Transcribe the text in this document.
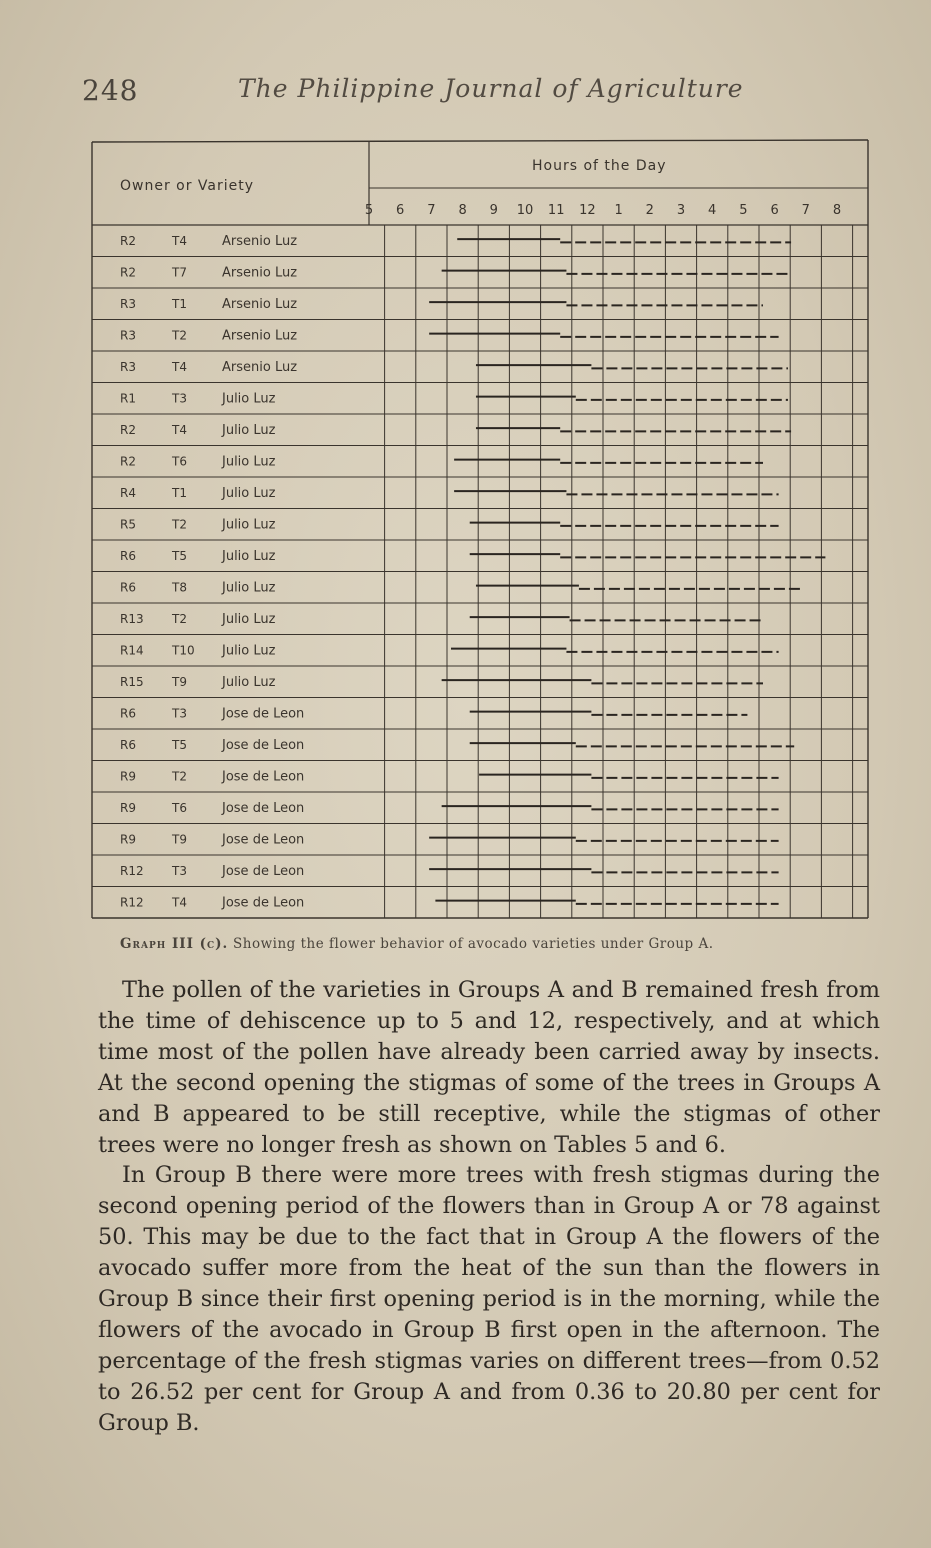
248	The Philippine Journal of Agriculture
Owner or Variety
Hours of the Day
5 6 7 8 9 10 11 12 1 2 3 4 5 6 7 8
R2	T4	Arsenio Luz
R2	T7	Arsenio Luz
R3	T1	Arsenio Luz
R3	T2	Arsenio Luz
R3	T4	Arsenio Luz
R1	T3	Julio Luz
R2	T4	Julio Luz
R2	T6	Julio Luz
R4	T1	Julio Luz
R5	T2	Julio Luz
R6	T5	Julio Luz
R6	T8	Julio Luz
R13 T2	Julio Luz
R14 T10 Julio Luz
R15 T9	Julio Luz
R6	T3	Jose de Leon
R6	T5	Jose de Leon
R9	T2	Jose de Leon
R9	T6	Jose de Leon
R9	T9	Jose de Leon
R12 T3	Jose de Leon
R12 T4	Jose de Leon
Graph III (c). Showing the flower behavior of avocado varieties under Group A.

The pollen of the varieties in Groups A and B remained fresh from the time of dehiscence up to 5 and 12, respectively, and at which time most of the pollen have already been carried away by insects. At the second opening the stigmas of some of the trees in Groups A and B appeared to be still receptive, while the stigmas of other trees were no longer fresh as shown on Tables 5 and 6.

In Group B there were more trees with fresh stigmas during the second opening period of the flowers than in Group A or 78 against 50. This may be due to the fact that in Group A the flowers of the avocado suffer more from the heat of the sun than the flowers in Group B since their first opening period is in the morning, while the flowers of the avocado in Group B first open in the afternoon. The percentage of the fresh stigmas varies on different trees—from 0.52 to 26.52 per cent for Group A and from 0.36 to 20.80 per cent for Group B.
